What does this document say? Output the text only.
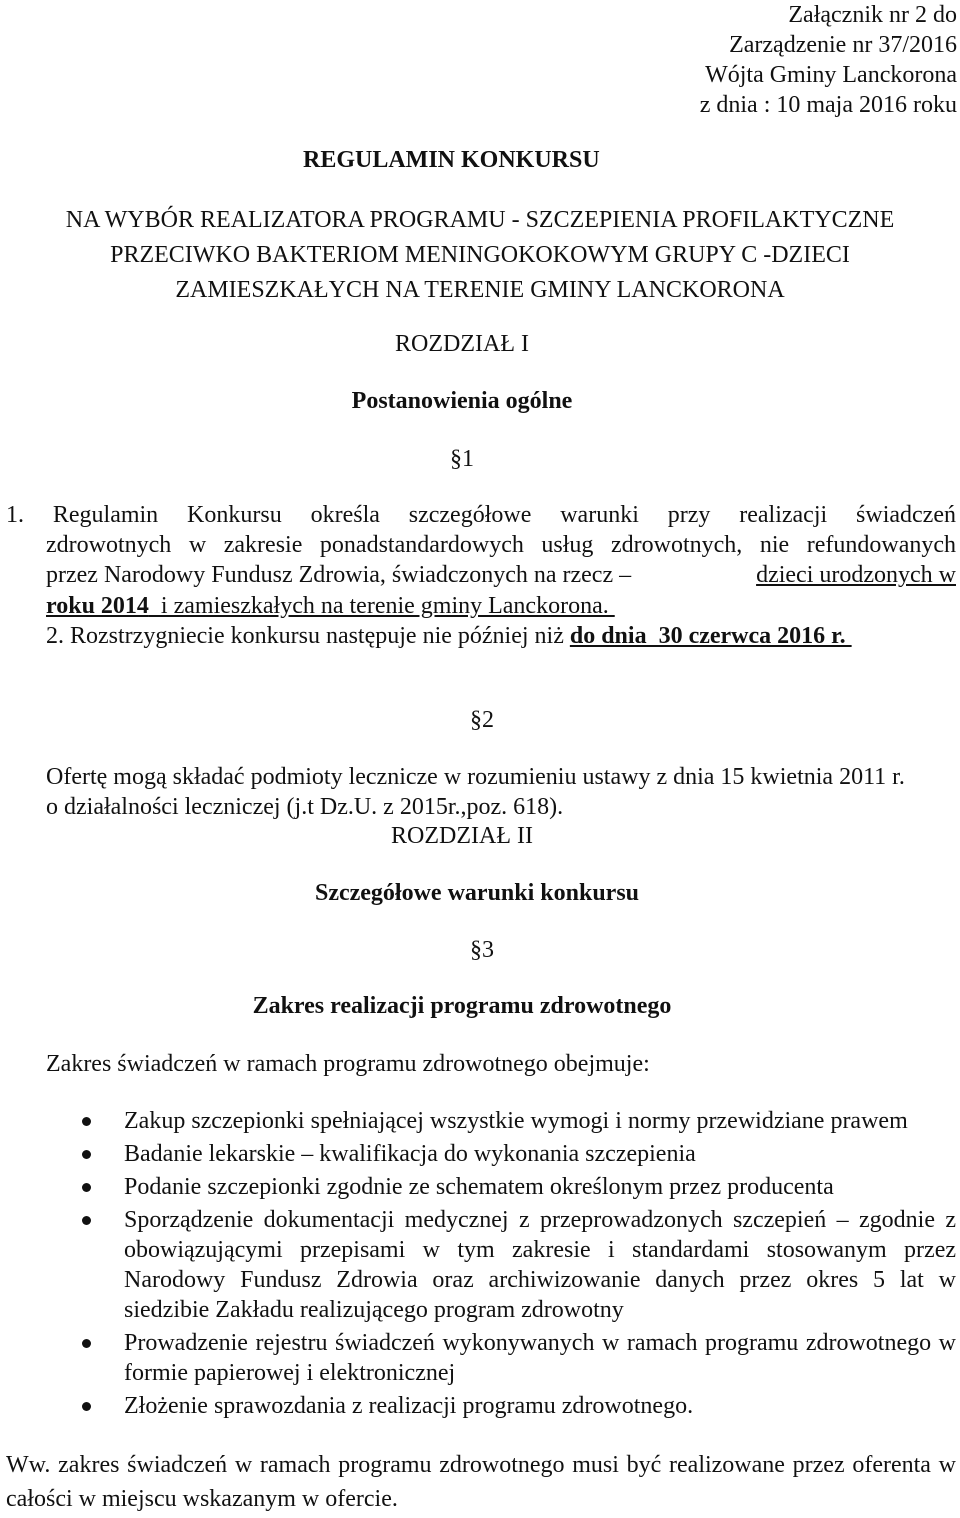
Załącznik nr 2 do
Zarządzenie nr 37/2016
Wójta Gminy Lanckorona
z dnia : 10 maja 2016 roku
REGULAMIN KONKURSU
NA WYBÓR REALIZATORA PROGRAMU - SZCZEPIENIA PROFILAKTYCZNE
PRZECIWKO BAKTERIOM MENINGOKOKOWYM GRUPY C -DZIECI
ZAMIESZKAŁYCH NA TERENIE GMINY LANCKORONA
ROZDZIAŁ I
Postanowienia ogólne
§1
1. Regulamin Konkursu określa szczegółowe warunki przy realizacji świadczeń
zdrowotnych w zakresie ponadstandardowych usług zdrowotnych, nie refundowanych
przez Narodowy Fundusz Zdrowia, świadczonych na rzecz –	dzieci urodzonych w
roku 2014  i zamieszkałych na terenie gminy Lanckorona.
2. Rozstrzygniecie konkursu następuje nie później niż do dnia  30 czerwca 2016 r.
§2
Ofertę mogą składać podmioty lecznicze w rozumieniu ustawy z dnia 15 kwietnia 2011 r.
o działalności leczniczej (j.t Dz.U. z 2015r.,poz. 618).
ROZDZIAŁ II
Szczegółowe warunki konkursu
§3
Zakres realizacji programu zdrowotnego
Zakres świadczeń w ramach programu zdrowotnego obejmuje:
Zakup szczepionki spełniającej wszystkie wymogi i normy przewidziane prawem
Badanie lekarskie – kwalifikacja do wykonania szczepienia
Podanie szczepionki zgodnie ze schematem określonym przez producenta
Sporządzenie dokumentacji medycznej z przeprowadzonych szczepień – zgodnie z obowiązującymi przepisami w tym zakresie i standardami stosowanym przez Narodowy Fundusz Zdrowia oraz archiwizowanie danych przez okres 5 lat w siedzibie Zakładu realizującego program zdrowotny
Prowadzenie rejestru świadczeń wykonywanych w ramach programu zdrowotnego w formie papierowej i elektronicznej
Złożenie sprawozdania z realizacji programu zdrowotnego.
Ww. zakres świadczeń w ramach programu zdrowotnego musi być realizowane przez oferenta w całości w miejscu wskazanym w ofercie.
